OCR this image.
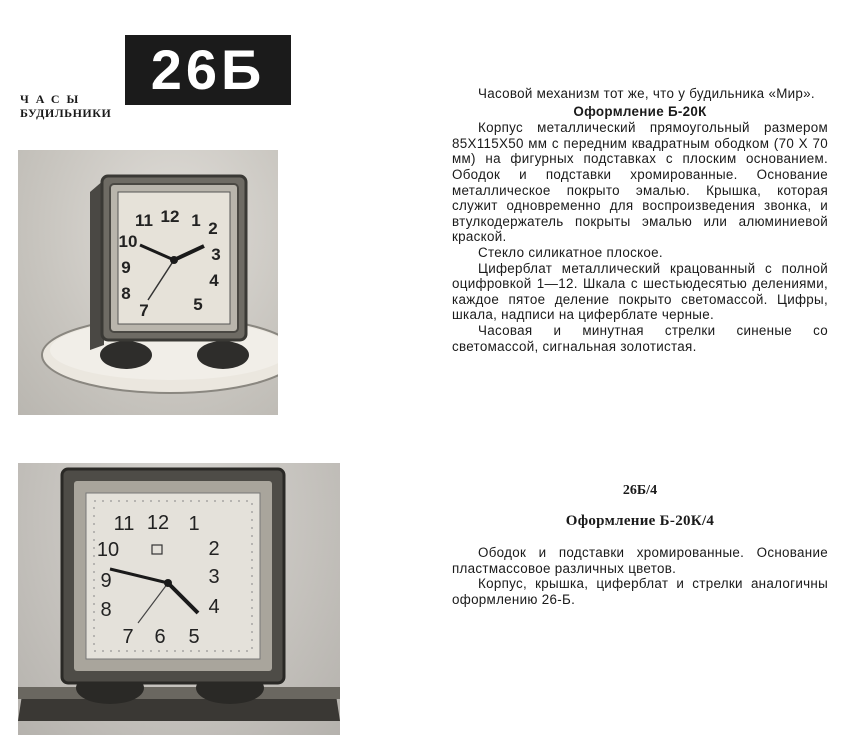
ЧАСЫ
БУДИЛЬНИКИ
26Б
11 12 1 2
10
3
9
4
8
7	5

Часовой механизм тот же, что у будильника «Мир».

Оформление Б-20К

Корпус металлический прямоугольный размером 85Х115Х50 мм с передним квадратным ободком (70 Х 70 мм) на фигурных подставках с плоским основанием. Ободок и подставки хромированные. Основание металлическое покрыто эмалью. Крышка, которая служит одновременно для воспроизведения звонка, и втулкодержатель покрыты эмалью или алюминиевой краской.

Стекло силикатное плоское.

Циферблат металлический крацованный с полной оцифровкой 1—12. Шкала с шестьюдесятью делениями, каждое пятое деление покрыто светомассой. Цифры, шкала, надписи на циферблате черные.

Часовая и минутная стрелки синеные со светомассой, сигнальная золотистая.

11 12 1
2
10
3
9
4
8
7 6 5
26Б/4
Оформление Б-20К/4

Ободок и подставки хромированные. Основание пластмассовое различных цветов.

Корпус, крышка, циферблат и стрелки аналогичны оформлению 26-Б.
